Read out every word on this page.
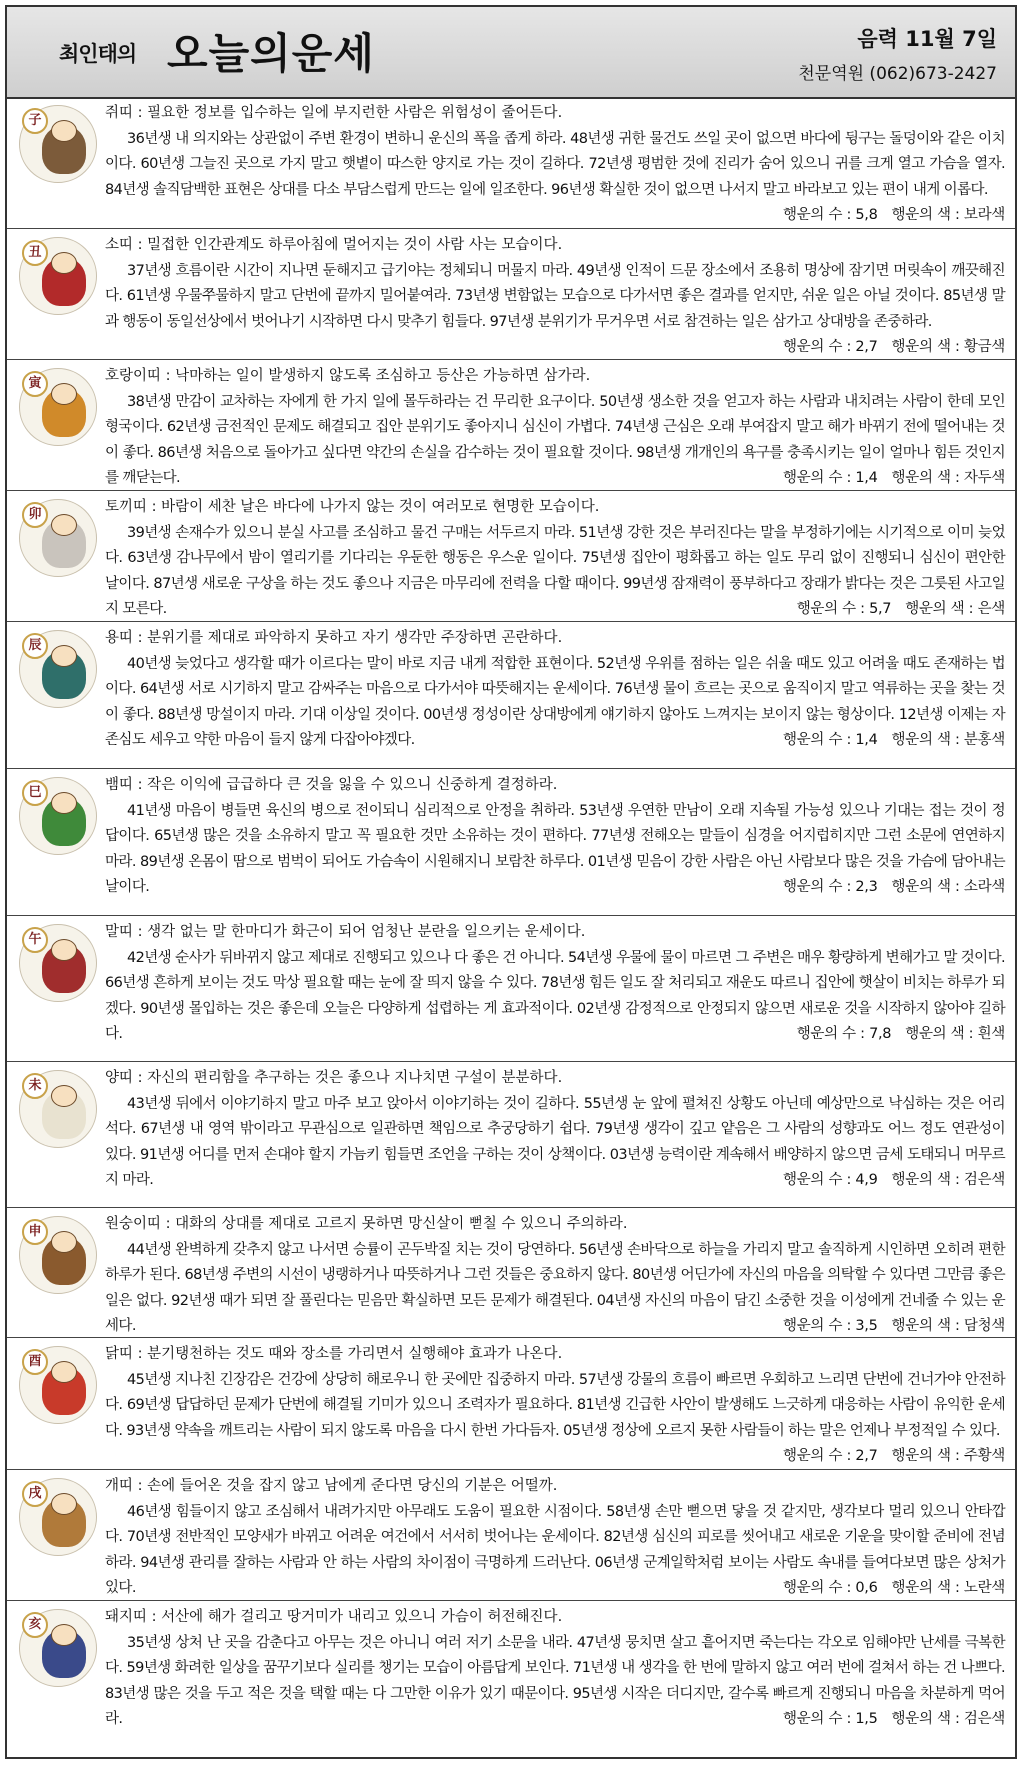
최인태의 오늘의운세	음력 11월 7일
천문역원 (062)673-2427
子	쥐띠 : 필요한 정보를 입수하는 일에 부지런한 사람은 위험성이 줄어든다.

36년생 내 의지와는 상관없이 주변 환경이 변하니 운신의 폭을 좁게 하라. 48년생 귀한 물건도 쓰일 곳이 없으면 바다에 뒹구는 돌덩이와 같은 이치이다. 60년생 그늘진 곳으로 가지 말고 햇볕이 따스한 양지로 가는 것이 길하다. 72년생 평범한 것에 진리가 숨어 있으니 귀를 크게 열고 가슴을 열자. 84년생 솔직담백한 표현은 상대를 다소 부담스럽게 만드는 일에 일조한다. 96년생 확실한 것이 없으면 나서지 말고 바라보고 있는 편이 내게 이롭다.
행운의 수 : 5,8 행운의 색 : 보라색

丑	소띠 : 밀접한 인간관계도 하루아침에 멀어지는 것이 사람 사는 모습이다.

37년생 흐름이란 시간이 지나면 둔해지고 급기야는 정체되니 머물지 마라. 49년생 인적이 드문 장소에서 조용히 명상에 잠기면 머릿속이 깨끗해진다. 61년생 우물쭈물하지 말고 단번에 끝까지 밀어붙여라. 73년생 변함없는 모습으로 다가서면 좋은 결과를 얻지만, 쉬운 일은 아닐 것이다. 85년생 말과 행동이 동일선상에서 벗어나기 시작하면 다시 맞추기 힘들다. 97년생 분위기가 무거우면 서로 참견하는 일은 삼가고 상대방을 존중하라.
행운의 수 : 2,7 행운의 색 : 황금색

寅	호랑이띠 : 낙마하는 일이 발생하지 않도록 조심하고 등산은 가능하면 삼가라.

38년생 만감이 교차하는 자에게 한 가지 일에 몰두하라는 건 무리한 요구이다. 50년생 생소한 것을 얻고자 하는 사람과 내치려는 사람이 한데 모인 형국이다. 62년생 금전적인 문제도 해결되고 집안 분위기도 좋아지니 심신이 가볍다. 74년생 근심은 오래 부여잡지 말고 해가 바뀌기 전에 떨어내는 것이 좋다. 86년생 처음으로 돌아가고 싶다면 약간의 손실을 감수하는 것이 필요할 것이다. 98년생 개개인의 욕구를 충족시키는 일이 얼마나 힘든 것인지를 깨닫는다.	행운의 수 : 1,4 행운의 색 : 자두색

卯	토끼띠 : 바람이 세찬 날은 바다에 나가지 않는 것이 여러모로 현명한 모습이다.

39년생 손재수가 있으니 분실 사고를 조심하고 물건 구매는 서두르지 마라. 51년생 강한 것은 부러진다는 말을 부정하기에는 시기적으로 이미 늦었다. 63년생 감나무에서 밤이 열리기를 기다리는 우둔한 행동은 우스운 일이다. 75년생 집안이 평화롭고 하는 일도 무리 없이 진행되니 심신이 편안한 날이다. 87년생 새로운 구상을 하는 것도 좋으나 지금은 마무리에 전력을 다할 때이다. 99년생 잠재력이 풍부하다고 장래가 밝다는 것은 그릇된 사고일지 모른다.	행운의 수 : 5,7 행운의 색 : 은색

辰	용띠 : 분위기를 제대로 파악하지 못하고 자기 생각만 주장하면 곤란하다.

40년생 늦었다고 생각할 때가 이르다는 말이 바로 지금 내게 적합한 표현이다. 52년생 우위를 점하는 일은 쉬울 때도 있고 어려울 때도 존재하는 법이다. 64년생 서로 시기하지 말고 감싸주는 마음으로 다가서야 따뜻해지는 운세이다. 76년생 물이 흐르는 곳으로 움직이지 말고 역류하는 곳을 찾는 것이 좋다. 88년생 망설이지 마라. 기대 이상일 것이다. 00년생 정성이란 상대방에게 얘기하지 않아도 느껴지는 보이지 않는 형상이다. 12년생 이제는 자존심도 세우고 약한 마음이 들지 않게 다잡아야겠다.	행운의 수 : 1,4 행운의 색 : 분홍색

巳	뱀띠 : 작은 이익에 급급하다 큰 것을 잃을 수 있으니 신중하게 결정하라.

41년생 마음이 병들면 육신의 병으로 전이되니 심리적으로 안정을 취하라. 53년생 우연한 만남이 오래 지속될 가능성 있으나 기대는 접는 것이 정답이다. 65년생 많은 것을 소유하지 말고 꼭 필요한 것만 소유하는 것이 편하다. 77년생 전해오는 말들이 심경을 어지럽히지만 그런 소문에 연연하지 마라. 89년생 온몸이 땀으로 범벅이 되어도 가슴속이 시원해지니 보람찬 하루다. 01년생 믿음이 강한 사람은 아닌 사람보다 많은 것을 가슴에 담아내는 날이다.	행운의 수 : 2,3 행운의 색 : 소라색

午	말띠 : 생각 없는 말 한마디가 화근이 되어 엄청난 분란을 일으키는 운세이다.

42년생 순사가 뒤바뀌지 않고 제대로 진행되고 있으나 다 좋은 건 아니다. 54년생 우물에 물이 마르면 그 주변은 매우 황량하게 변해가고 말 것이다. 66년생 흔하게 보이는 것도 막상 필요할 때는 눈에 잘 띄지 않을 수 있다. 78년생 힘든 일도 잘 처리되고 재운도 따르니 집안에 햇살이 비치는 하루가 되겠다. 90년생 몰입하는 것은 좋은데 오늘은 다양하게 섭렵하는 게 효과적이다. 02년생 감정적으로 안정되지 않으면 새로운 것을 시작하지 않아야 길하다.	행운의 수 : 7,8 행운의 색 : 흰색

未	양띠 : 자신의 편리함을 추구하는 것은 좋으나 지나치면 구설이 분분하다.

43년생 뒤에서 이야기하지 말고 마주 보고 앉아서 이야기하는 것이 길하다. 55년생 눈 앞에 펼쳐진 상황도 아닌데 예상만으로 낙심하는 것은 어리석다. 67년생 내 영역 밖이라고 무관심으로 일관하면 책임으로 추궁당하기 쉽다. 79년생 생각이 깊고 얕음은 그 사람의 성향과도 어느 정도 연관성이 있다. 91년생 어디를 먼저 손대야 할지 가늠키 힘들면 조언을 구하는 것이 상책이다. 03년생 능력이란 계속해서 배양하지 않으면 금세 도태되니 머무르지 마라.	행운의 수 : 4,9 행운의 색 : 검은색

申	원숭이띠 : 대화의 상대를 제대로 고르지 못하면 망신살이 뻗칠 수 있으니 주의하라.

44년생 완벽하게 갖추지 않고 나서면 승률이 곤두박질 치는 것이 당연하다. 56년생 손바닥으로 하늘을 가리지 말고 솔직하게 시인하면 오히려 편한 하루가 된다. 68년생 주변의 시선이 냉랭하거나 따뜻하거나 그런 것들은 중요하지 않다. 80년생 어딘가에 자신의 마음을 의탁할 수 있다면 그만큼 좋은 일은 없다. 92년생 때가 되면 잘 풀린다는 믿음만 확실하면 모든 문제가 해결된다. 04년생 자신의 마음이 담긴 소중한 것을 이성에게 건네줄 수 있는 운세다.	행운의 수 : 3,5 행운의 색 : 담청색

酉	닭띠 : 분기탱천하는 것도 때와 장소를 가리면서 실행해야 효과가 나온다.

45년생 지나친 긴장감은 건강에 상당히 해로우니 한 곳에만 집중하지 마라. 57년생 강물의 흐름이 빠르면 우회하고 느리면 단번에 건너가야 안전하다. 69년생 답답하던 문제가 단번에 해결될 기미가 있으니 조력자가 필요하다. 81년생 긴급한 사안이 발생해도 느긋하게 대응하는 사람이 유익한 운세다. 93년생 약속을 깨트리는 사람이 되지 않도록 마음을 다시 한번 가다듬자. 05년생 정상에 오르지 못한 사람들이 하는 말은 언제나 부정적일 수 있다.
행운의 수 : 2,7 행운의 색 : 주황색

戌	개띠 : 손에 들어온 것을 잡지 않고 남에게 준다면 당신의 기분은 어떨까.

46년생 힘들이지 않고 조심해서 내려가지만 아무래도 도움이 필요한 시점이다. 58년생 손만 뻗으면 닿을 것 같지만, 생각보다 멀리 있으니 안타깝다. 70년생 전반적인 모양새가 바뀌고 어려운 여건에서 서서히 벗어나는 운세이다. 82년생 심신의 피로를 씻어내고 새로운 기운을 맞이할 준비에 전념하라. 94년생 관리를 잘하는 사람과 안 하는 사람의 차이점이 극명하게 드러난다. 06년생 군계일학처럼 보이는 사람도 속내를 들여다보면 많은 상처가 있다.	행운의 수 : 0,6 행운의 색 : 노란색

亥	돼지띠 : 서산에 해가 걸리고 땅거미가 내리고 있으니 가슴이 허전해진다.

35년생 상처 난 곳을 감춘다고 아무는 것은 아니니 여러 저기 소문을 내라. 47년생 뭉치면 살고 흩어지면 죽는다는 각오로 임해야만 난세를 극복한다. 59년생 화려한 일상을 꿈꾸기보다 실리를 챙기는 모습이 아름답게 보인다. 71년생 내 생각을 한 번에 말하지 않고 여러 번에 걸쳐서 하는 건 나쁘다. 83년생 많은 것을 두고 적은 것을 택할 때는 다 그만한 이유가 있기 때문이다. 95년생 시작은 더디지만, 갈수록 빠르게 진행되니 마음을 차분하게 먹어라.	행운의 수 : 1,5 행운의 색 : 검은색
